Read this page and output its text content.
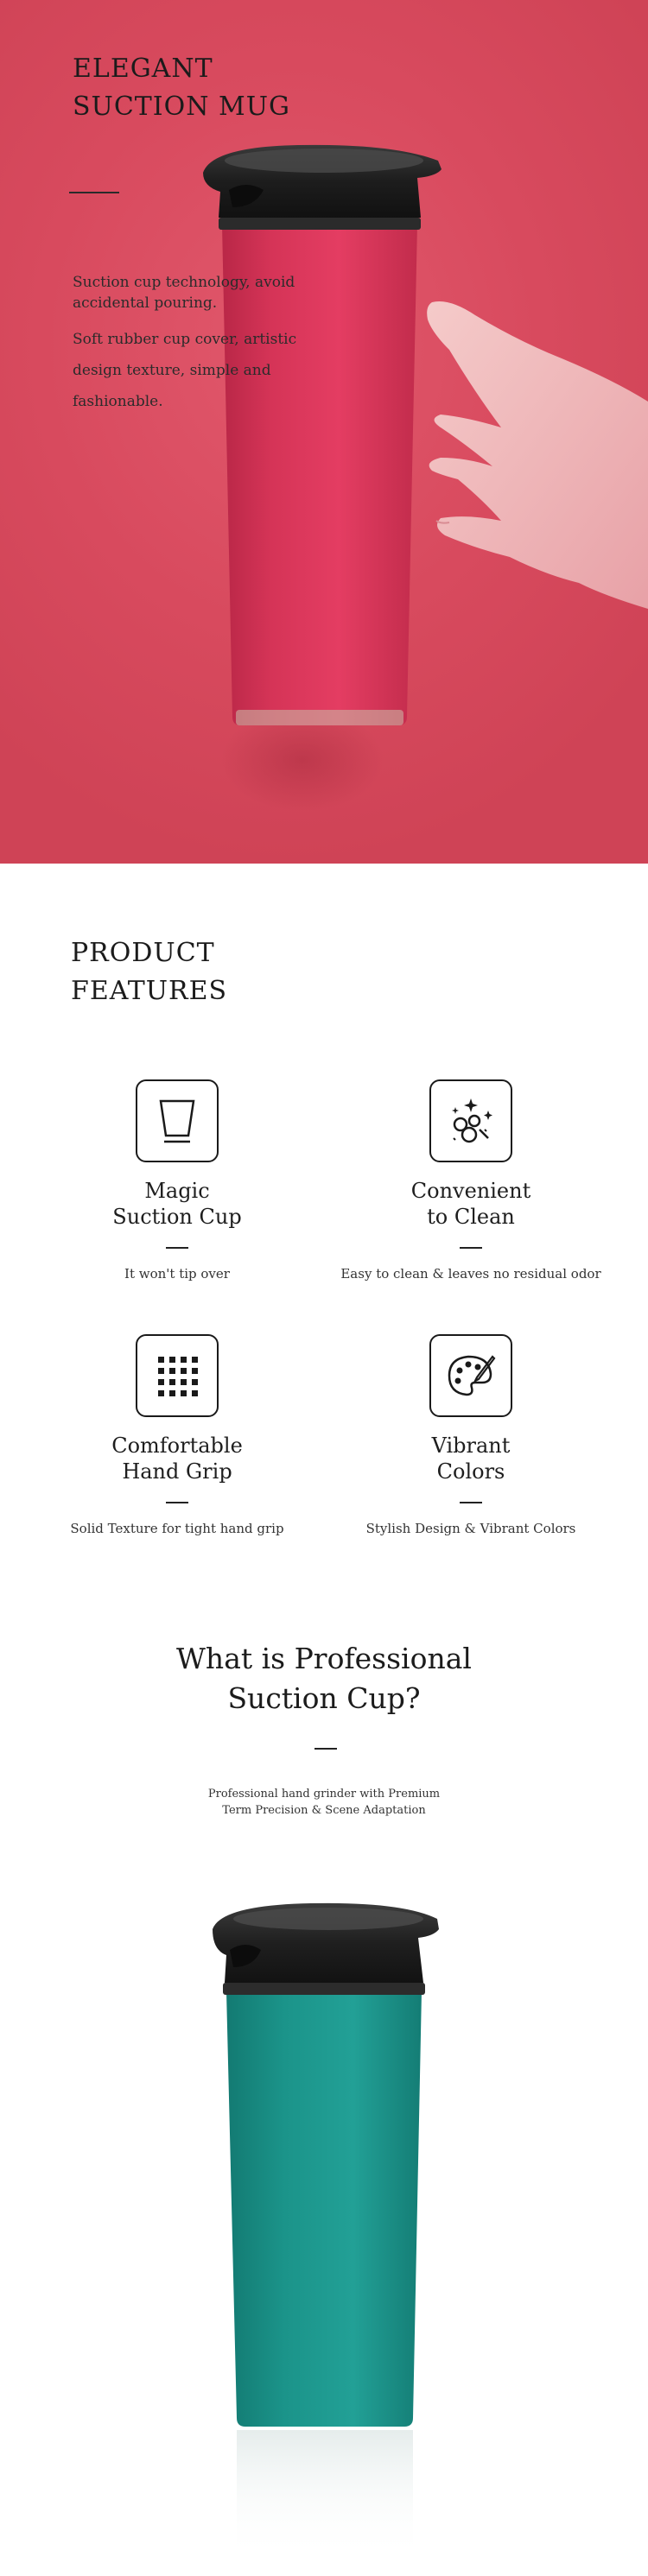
ELEGANT
SUCTION MUG

Suction cup technology, avoid accidental pouring.

Soft rubber cup cover, artistic design texture, simple and fashionable.

PRODUCT
FEATURES
Magic
Suction Cup
It won't tip over
Convenient
to Clean
Easy to clean & leaves no residual odor
Comfortable
Hand Grip
Solid Texture for tight hand grip
Vibrant
Colors
Stylish Design & Vibrant Colors
What is Professional
Suction Cup?
Professional hand grinder with Premium
Term Precision & Scene Adaptation
